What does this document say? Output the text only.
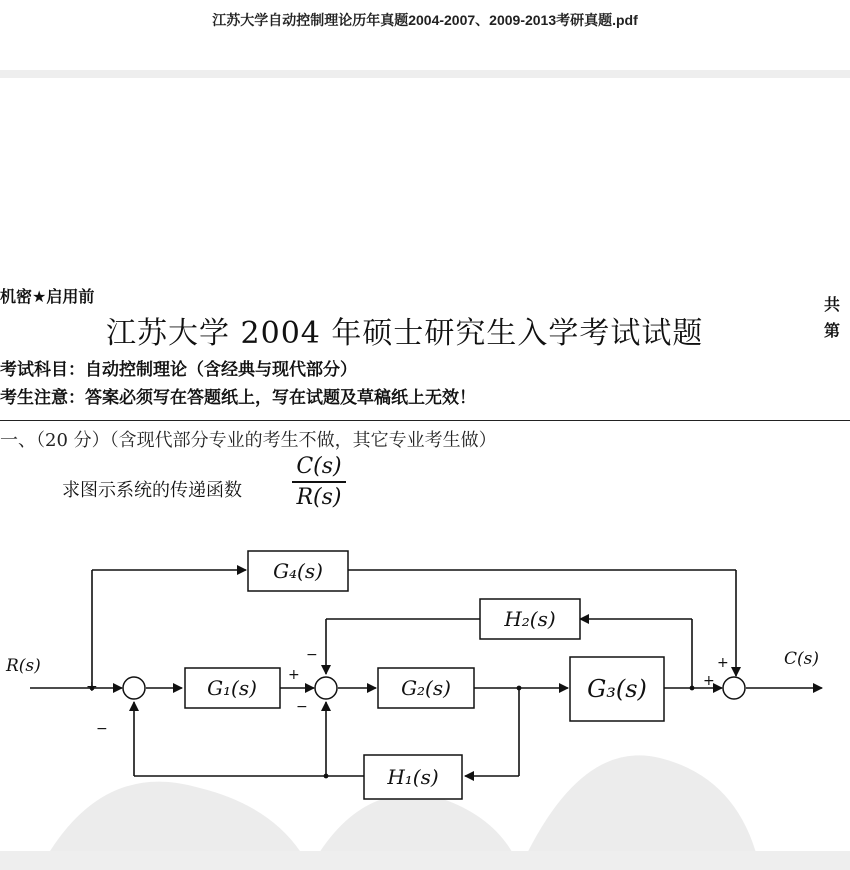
江苏大学自动控制理论历年真题2004-2007、2009-2013考研真题.pdf
机密★启用前	共
第
江苏大学 2004 年硕士研究生入学考试试题
考试科目：自动控制理论（含经典与现代部分）
考生注意：答案必须写在答题纸上，写在试题及草稿纸上无效！
一、（20 分）（含现代部分专业的考生不做，其它专业考生做）
求图示系统的传递函数
C(s)
R(s)
G₄(s)
H₂(s)
G₁(s)	G₂(s)	G₃(s)
H₁(s)
R(s)	C(s)
+
−
+
−
−
+
+
